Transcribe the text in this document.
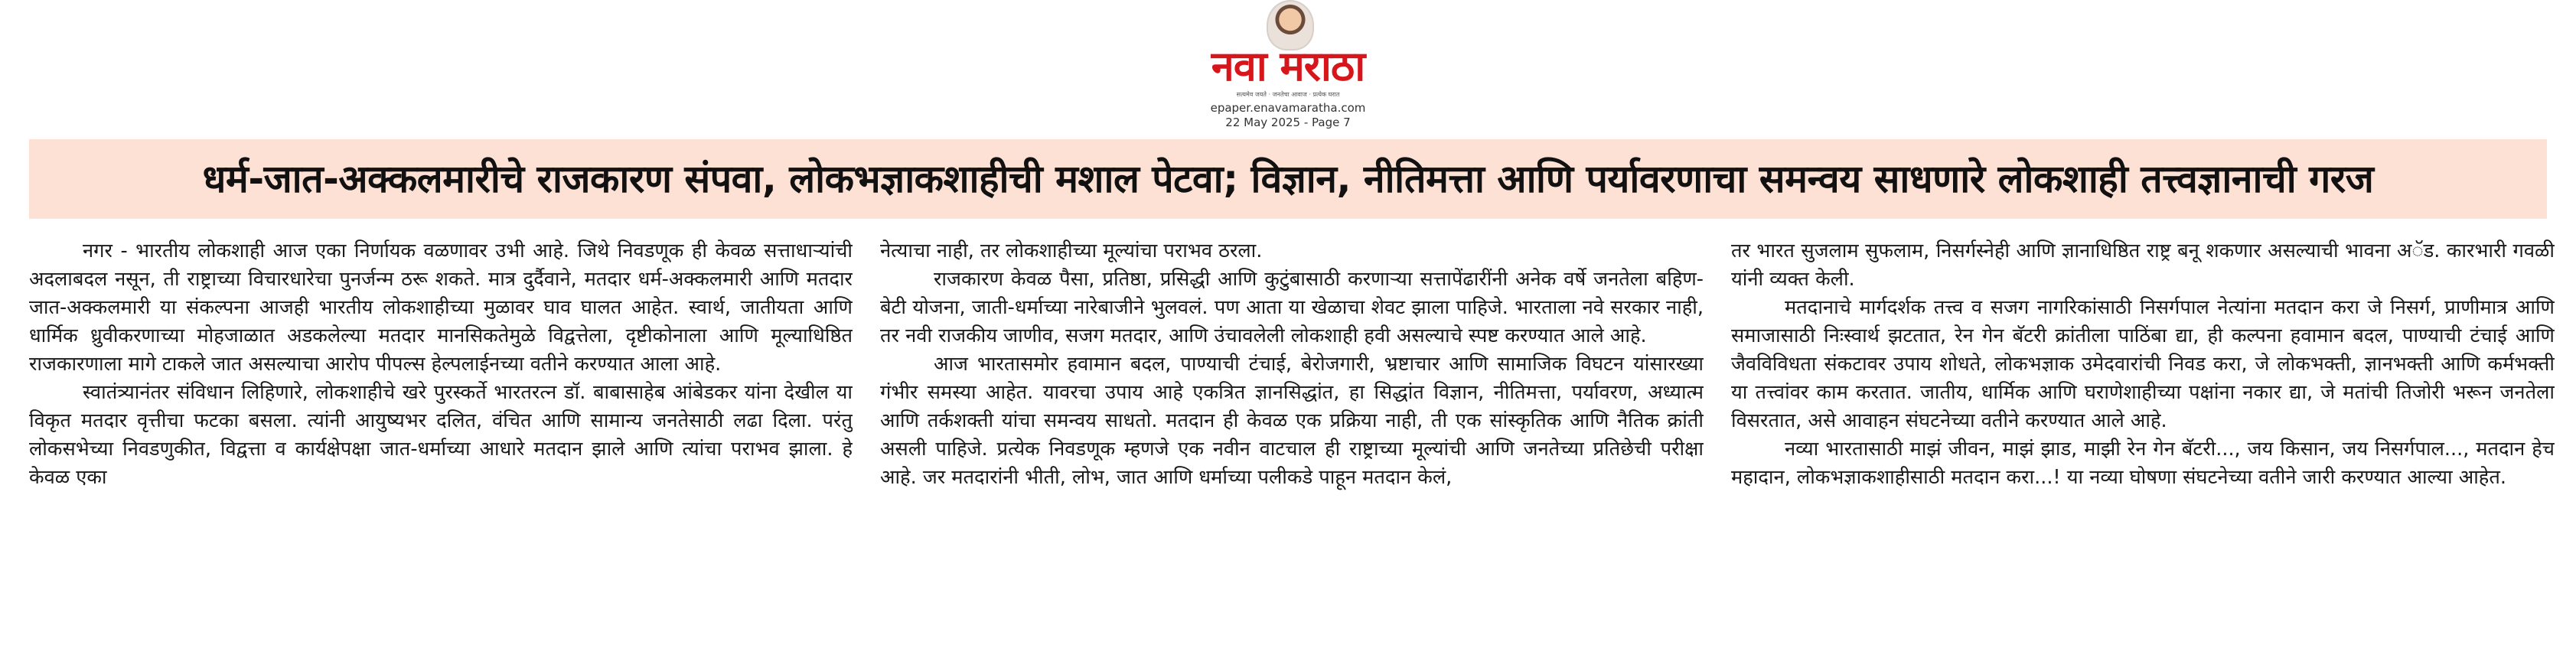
नवा मराठा
सत्यमेव जयते · जनतेचा आवाज · प्रत्येक घरात
epaper.enavamaratha.com
22 May 2025 - Page 7
धर्म-जात-अक्कलमारीचे राजकारण संपवा, लोकभज्ञाकशाहीची मशाल पेटवा; विज्ञान, नीतिमत्ता आणि पर्यावरणाचा समन्वय साधणारे लोकशाही तत्त्वज्ञानाची गरज

नगर - भारतीय लोकशाही आज एका निर्णायक वळणावर उभी आहे. जिथे निवडणूक ही केवळ सत्ताधाऱ्यांची अदलाबदल नसून, ती राष्ट्राच्या विचारधारेचा पुनर्जन्म ठरू शकते. मात्र दुर्दैवाने, मतदार धर्म-अक्कलमारी आणि मतदार जात-अक्कलमारी या संकल्पना आजही भारतीय लोकशाहीच्या मुळावर घाव घालत आहेत. स्वार्थ, जातीयता आणि धार्मिक ध्रुवीकरणाच्या मोहजाळात अडकलेल्या मतदार मानसिकतेमुळे विद्वत्तेला, दृष्टीकोनाला आणि मूल्याधिष्ठित राजकारणाला मागे टाकले जात असल्याचा आरोप पीपल्स हेल्पलाईनच्या वतीने करण्यात आला आहे.

स्वातंत्र्यानंतर संविधान लिहिणारे, लोकशाहीचे खरे पुरस्कर्ते भारतरत्न डॉ. बाबासाहेब आंबेडकर यांना देखील या विकृत मतदार वृत्तीचा फटका बसला. त्यांनी आयुष्यभर दलित, वंचित आणि सामान्य जनतेसाठी लढा दिला. परंतु लोकसभेच्या निवडणुकीत, विद्वत्ता व कार्यक्षेपक्षा जात-धर्माच्या आधारे मतदान झाले आणि त्यांचा पराभव झाला. हे केवळ एका

नेत्याचा नाही, तर लोकशाहीच्या मूल्यांचा पराभव ठरला.

राजकारण केवळ पैसा, प्रतिष्ठा, प्रसिद्धी आणि कुटुंबासाठी करणाऱ्या सत्तापेंढारींनी अनेक वर्षे जनतेला बहिण-बेटी योजना, जाती-धर्माच्या नारेबाजीने भुलवलं. पण आता या खेळाचा शेवट झाला पाहिजे. भारताला नवे सरकार नाही, तर नवी राजकीय जाणीव, सजग मतदार, आणि उंचावलेली लोकशाही हवी असल्याचे स्पष्ट करण्यात आले आहे.

आज भारतासमोर हवामान बदल, पाण्याची टंचाई, बेरोजगारी, भ्रष्टाचार आणि सामाजिक विघटन यांसारख्या गंभीर समस्या आहेत. यावरचा उपाय आहे एकत्रित ज्ञानसिद्धांत, हा सिद्धांत विज्ञान, नीतिमत्ता, पर्यावरण, अध्यात्म आणि तर्कशक्ती यांचा समन्वय साधतो. मतदान ही केवळ एक प्रक्रिया नाही, ती एक सांस्कृतिक आणि नैतिक क्रांती असली पाहिजे. प्रत्येक निवडणूक म्हणजे एक नवीन वाटचाल ही राष्ट्राच्या मूल्यांची आणि जनतेच्या प्रतिछेची परीक्षा आहे. जर मतदारांनी भीती, लोभ, जात आणि धर्माच्या पलीकडे पाहून मतदान केलं,

तर भारत सुजलाम सुफलाम, निसर्गस्नेही आणि ज्ञानाधिष्ठित राष्ट्र बनू शकणार असल्याची भावना अॅड. कारभारी गवळी यांनी व्यक्त केली.

मतदानाचे मार्गदर्शक तत्त्व व सजग नागरिकांसाठी निसर्गपाल नेत्यांना मतदान करा जे निसर्ग, प्राणीमात्र आणि समाजासाठी निःस्वार्थ झटतात, रेन गेन बॅटरी क्रांतीला पाठिंबा द्या, ही कल्पना हवामान बदल, पाण्याची टंचाई आणि जैवविविधता संकटावर उपाय शोधते, लोकभज्ञाक उमेदवारांची निवड करा, जे लोकभक्ती, ज्ञानभक्ती आणि कर्मभक्ती या तत्त्वांवर काम करतात. जातीय, धार्मिक आणि घराणेशाहीच्या पक्षांना नकार द्या, जे मतांची तिजोरी भरून जनतेला विसरतात, असे आवाहन संघटनेच्या वतीने करण्यात आले आहे.

नव्या भारतासाठी माझं जीवन, माझं झाड, माझी रेन गेन बॅटरी..., जय किसान, जय निसर्गपाल..., मतदान हेच महादान, लोकभज्ञाकशाहीसाठी मतदान करा...! या नव्या घोषणा संघटनेच्या वतीने जारी करण्यात आल्या आहेत.
